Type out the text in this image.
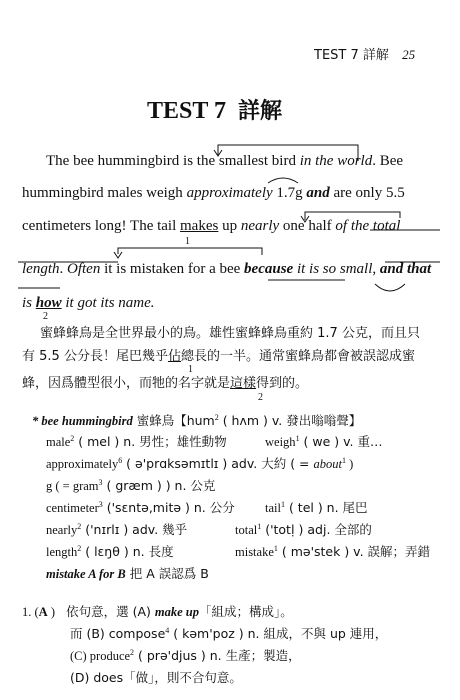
TEST 7 詳解 25
TEST 7 詳解
The bee hummingbird is the smallest bird in the world. Bee
hummingbird males weigh approximately 1.7g and are only 5.5
centimeters long! The tail makes up nearly one half of the total
1
length. Often it is mistaken for a bee because it is so small, and that
is how it got its name.
2
蜜蜂蜂鳥是全世界最小的鳥。雄性蜜蜂蜂鳥重約 1.7 公克，而且只
有 5.5 公分長！尾巴幾乎佔總長的一半。通常蜜蜂鳥都會被誤認成蜜
1
蜂，因爲體型很小，而牠的名字就是這樣得到的。
2
* bee hummingbird 蜜蜂鳥【hum$^2$ ( hʌm ) v. 發出嗡嗡聲】
male$^2$ ( mel ) n. 男性；雄性動物	weigh$^1$ ( we ) v. 重…
approximately$^6$ ( ə'prɑksəmɪtlɪ ) adv. 大約 ( = about$^1$ )
g ( = gram$^3$ ( græm ) ) n. 公克
centimeter$^3$ ('sɛntə,mitə ) n. 公分 tail$^1$ ( tel ) n. 尾巴
nearly$^2$ ('nɪrlɪ ) adv. 幾乎	total$^1$ ('totḷ ) adj. 全部的
length$^2$ ( lɛŋθ ) n. 長度	mistake$^1$ ( mə'stek ) v. 誤解；弄錯
mistake A for B 把 A 誤認爲 B
1. (A ) 依句意，選 (A) make up「組成；構成」。
而 (B) compose$^4$ ( kəm'poz ) n. 組成，不與 up 連用，
(C) produce$^2$ ( prə'djus ) n. 生產；製造，
(D) does「做」，則不合句意。
